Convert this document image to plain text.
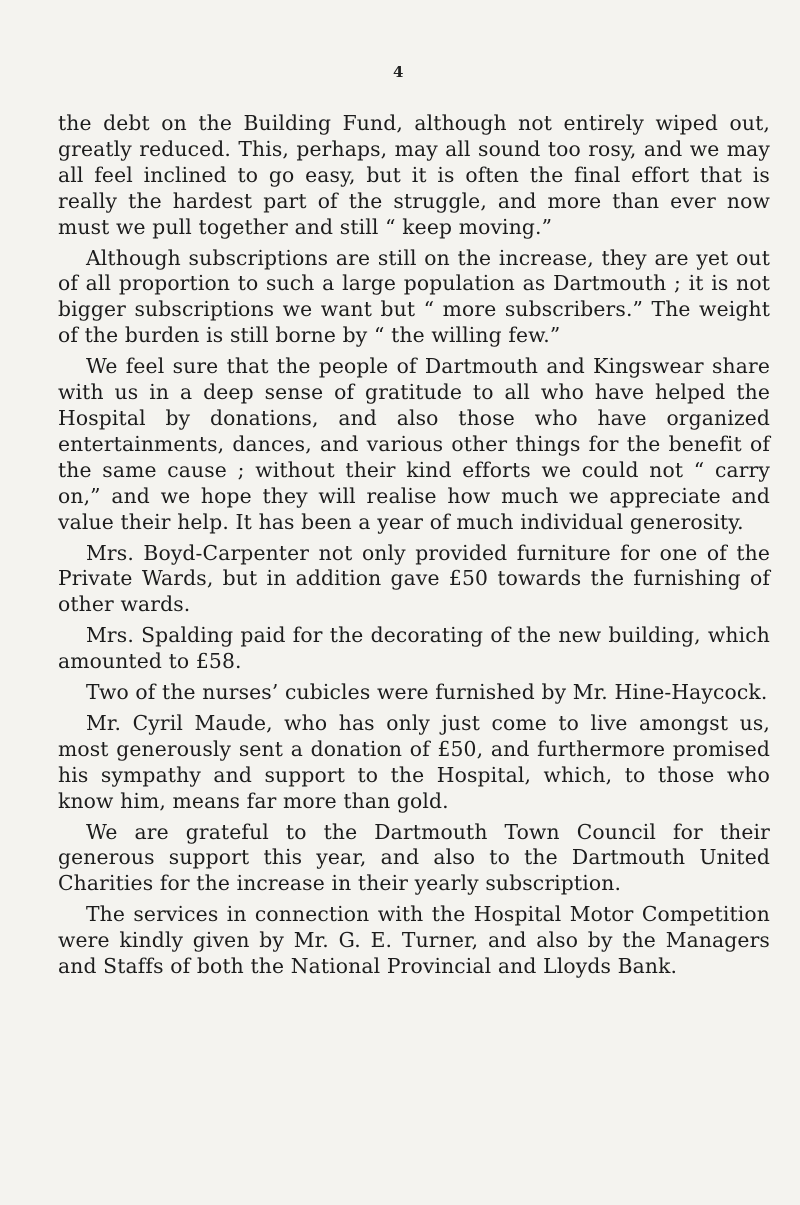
4

the debt on the Building Fund, although not entirely wiped out, greatly reduced. This, perhaps, may all sound too rosy, and we may all feel inclined to go easy, but it is often the final effort that is really the hardest part of the struggle, and more than ever now must we pull together and still “ keep moving.”

Although subscriptions are still on the increase, they are yet out of all proportion to such a large population as Dartmouth ; it is not bigger subscriptions we want but “ more subscribers.” The weight of the burden is still borne by “ the willing few.”

We feel sure that the people of Dartmouth and Kingswear share with us in a deep sense of gratitude to all who have helped the Hospital by donations, and also those who have organized entertainments, dances, and various other things for the benefit of the same cause ; without their kind efforts we could not “ carry on,” and we hope they will realise how much we appreciate and value their help. It has been a year of much individual generosity.

Mrs. Boyd-Carpenter not only provided furniture for one of the Private Wards, but in addition gave £50 towards the furnishing of other wards.

Mrs. Spalding paid for the decorating of the new building, which amounted to £58.

Two of the nurses’ cubicles were furnished by Mr. Hine-Haycock.

Mr. Cyril Maude, who has only just come to live amongst us, most generously sent a donation of £50, and furthermore promised his sympathy and support to the Hospital, which, to those who know him, means far more than gold.

We are grateful to the Dartmouth Town Council for their generous support this year, and also to the Dartmouth United Charities for the increase in their yearly subscription.

The services in connection with the Hospital Motor Competition were kindly given by Mr. G. E. Turner, and also by the Managers and Staffs of both the National Provincial and Lloyds Bank.
